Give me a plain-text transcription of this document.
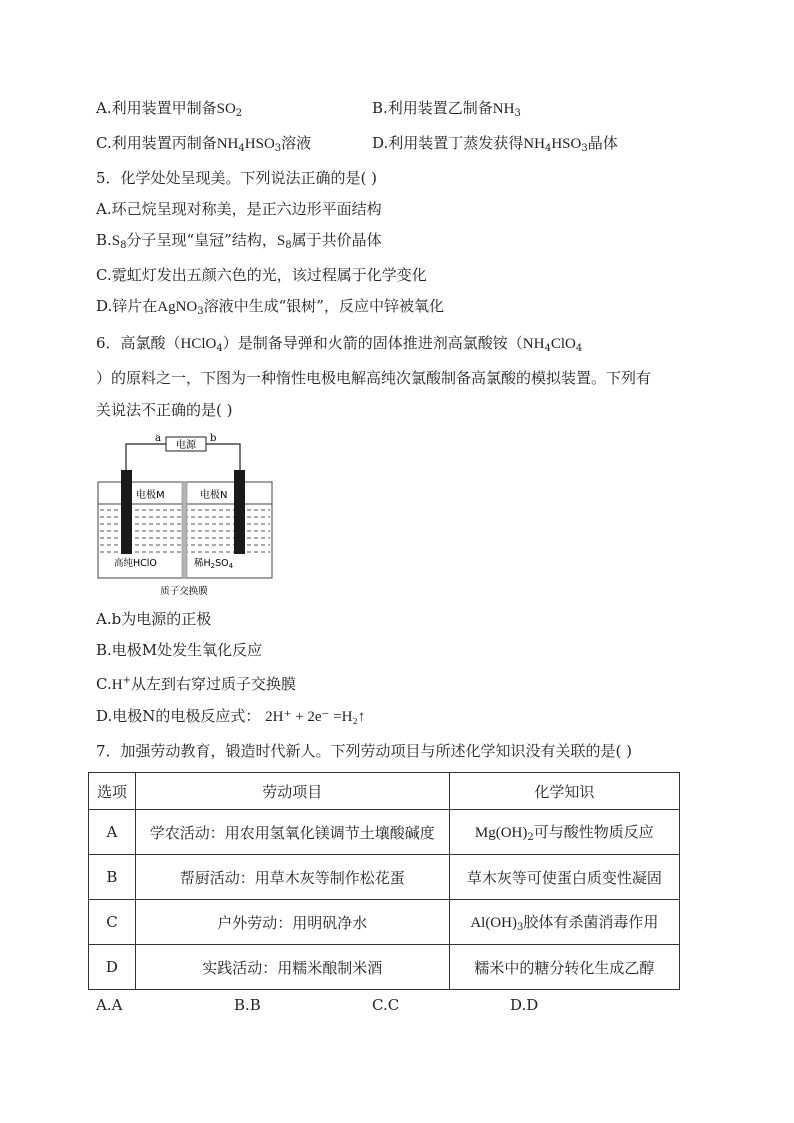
A.利用装置甲制备$SO_2$	B.利用装置乙制备$NH_3$
C.利用装置丙制备$NH_4HSO_3$溶液	D.利用装置丁蒸发获得$NH_4HSO_3$晶体
5．化学处处呈现美。下列说法正确的是( )
A.环己烷呈现对称美，是正六边形平面结构
$B.S_8$分子呈现“皇冠”结构，$S_8$属于共价晶体
C.霓虹灯发出五颜六色的光，该过程属于化学变化
D.锌片在AgNO$_3$溶液中生成“银树”，反应中锌被氧化
6．高氯酸（HClO$_4$）是制备导弹和火箭的固体推进剂高氯酸铵（$NH_4ClO_4$
）的原料之一，下图为一种惰性电极电解高纯次氯酸制备高氯酸的模拟装置。下列有
关说法不正确的是( )
电源
a	b
电极M	电极N
高纯HClO	稀$H_2SO_4$
质子交换膜
A.b为电源的正极
B.电极M处发生氧化反应
C.H+从左到右穿过质子交换膜
D.电极N的电极反应式： 2H⁺ + 2e⁻ =H₂↑
7．加强劳动教育，锻造时代新人。下列劳动项目与所述化学知识没有关联的是( )
选项	劳动项目	化学知识
A	学农活动：用农用氢氧化镁调节土壤酸碱度	$Mg(OH)_2$可与酸性物质反应
B	帮厨活动：用草木灰等制作松花蛋	草木灰等可使蛋白质变性凝固
C	户外劳动：用明矾净水	$Al(OH)_3$胶体有杀菌消毒作用
D	实践活动：用糯米酿制米酒	糯米中的糖分转化生成乙醇
A.A	B.B	C.C	D.D
